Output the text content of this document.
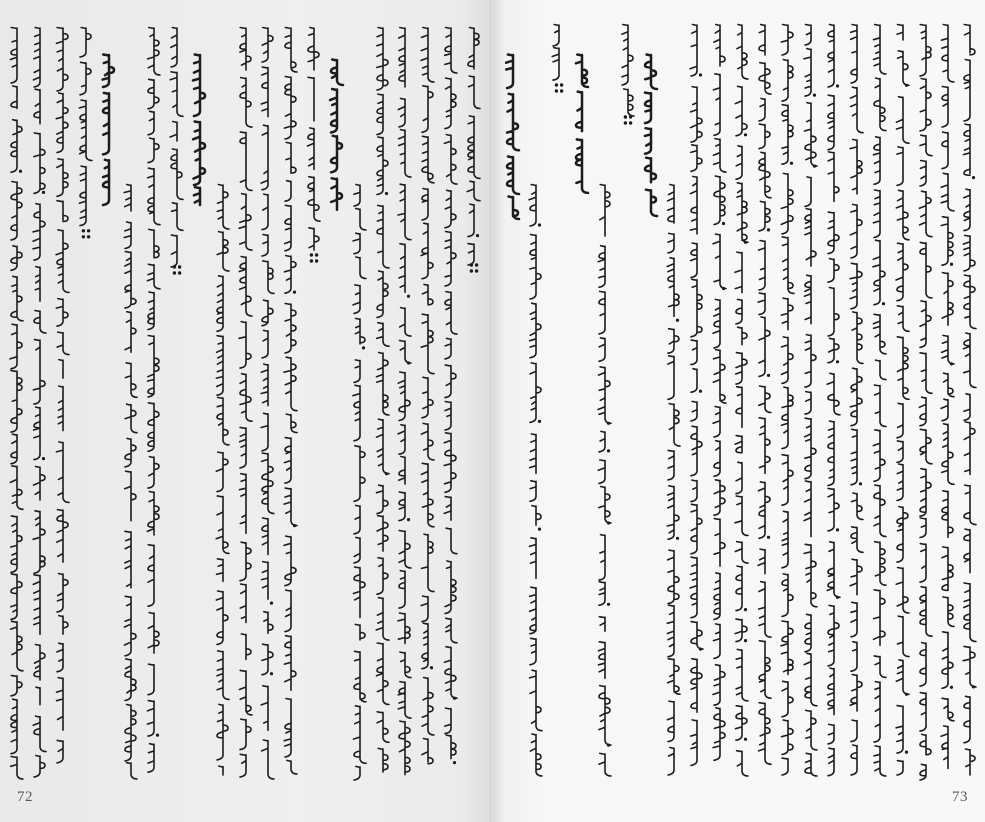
72	73
